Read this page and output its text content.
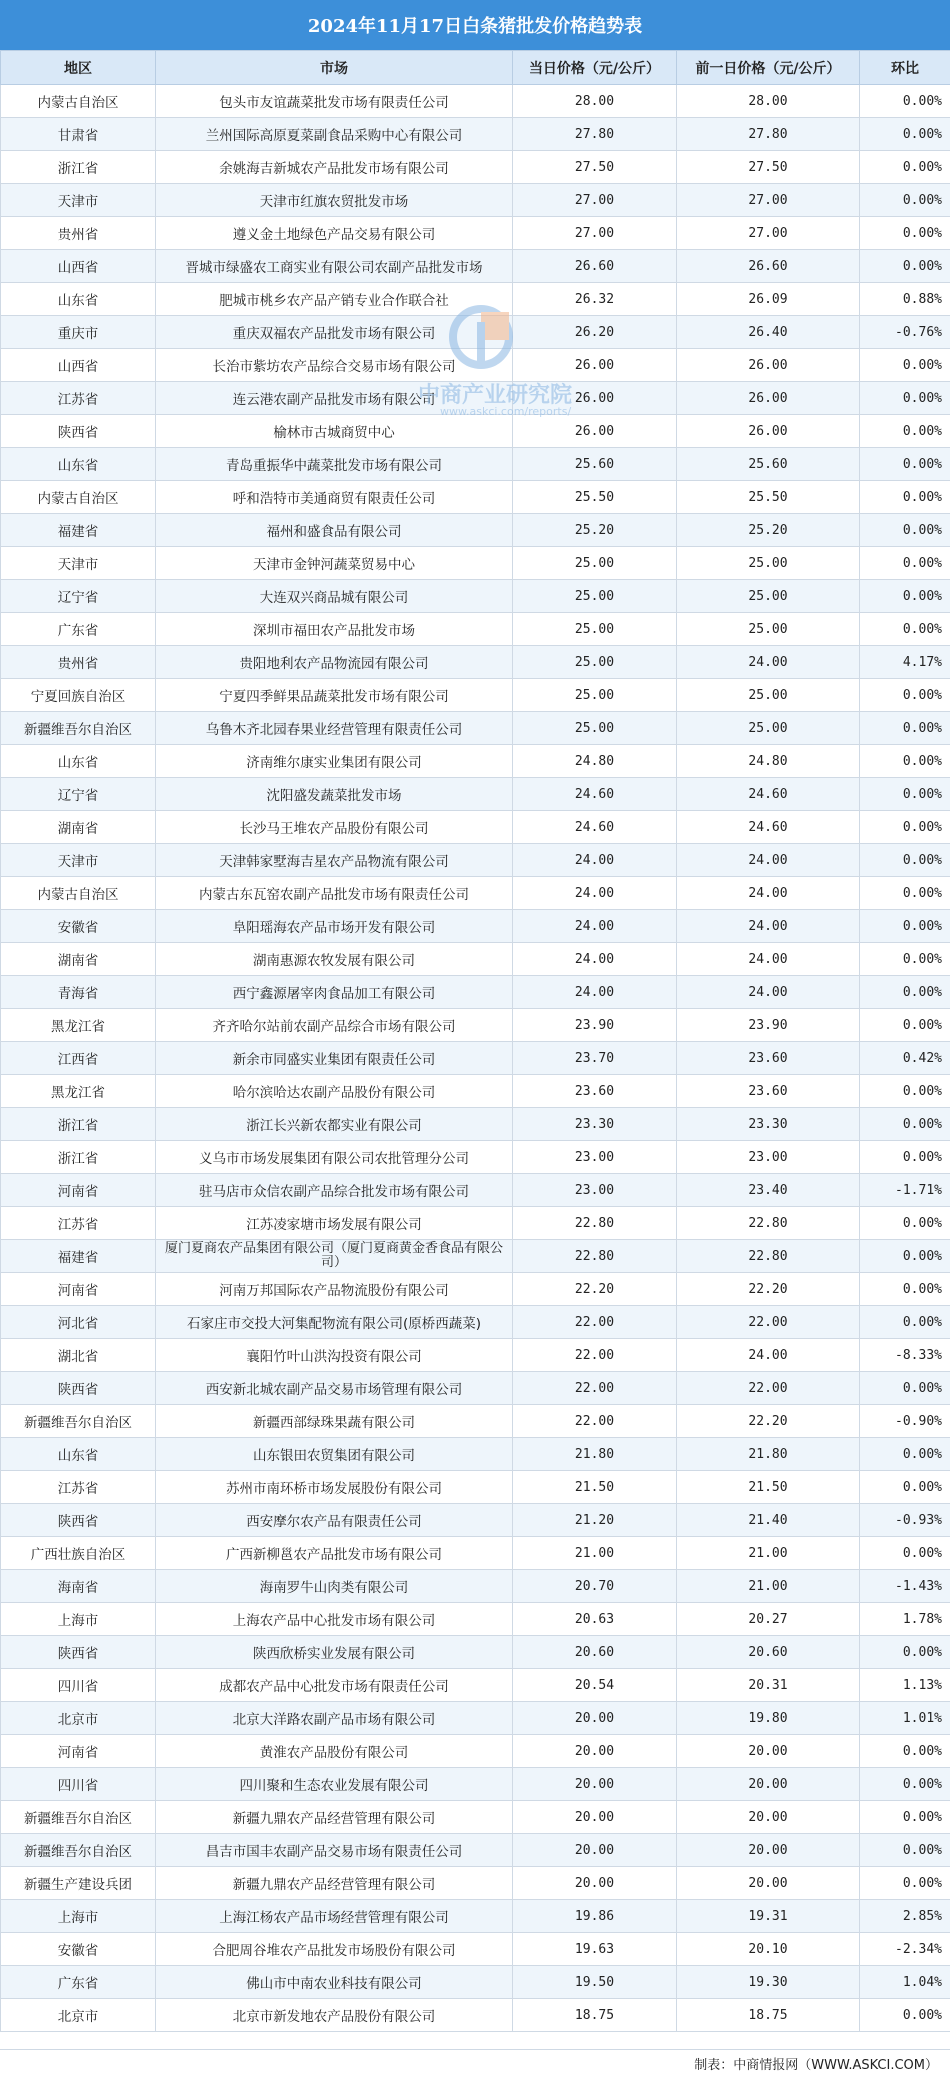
2024年11月17日白条猪批发价格趋势表
地区	市场	当日价格（元/公斤）	前一日价格（元/公斤）	环比
内蒙古自治区	包头市友谊蔬菜批发市场有限责任公司	28.00	28.00	0.00%
甘肃省	兰州国际高原夏菜副食品采购中心有限公司	27.80	27.80	0.00%
浙江省	余姚海吉新城农产品批发市场有限公司	27.50	27.50	0.00%
天津市	天津市红旗农贸批发市场	27.00	27.00	0.00%
贵州省	遵义金土地绿色产品交易有限公司	27.00	27.00	0.00%
山西省	晋城市绿盛农工商实业有限公司农副产品批发市场	26.60	26.60	0.00%
山东省	肥城市桃乡农产品产销专业合作联合社	26.32	26.09	0.88%
重庆市	重庆双福农产品批发市场有限公司	26.20	26.40	-0.76%
山西省	长治市紫坊农产品综合交易市场有限公司	26.00	26.00	0.00%
江苏省	连云港农副产品批发市场有限公司	26.00	26.00	0.00%
陕西省	榆林市古城商贸中心	26.00	26.00	0.00%
山东省	青岛重振华中蔬菜批发市场有限公司	25.60	25.60	0.00%
内蒙古自治区	呼和浩特市美通商贸有限责任公司	25.50	25.50	0.00%
福建省	福州和盛食品有限公司	25.20	25.20	0.00%
天津市	天津市金钟河蔬菜贸易中心	25.00	25.00	0.00%
辽宁省	大连双兴商品城有限公司	25.00	25.00	0.00%
广东省	深圳市福田农产品批发市场	25.00	25.00	0.00%
贵州省	贵阳地利农产品物流园有限公司	25.00	24.00	4.17%
宁夏回族自治区	宁夏四季鲜果品蔬菜批发市场有限公司	25.00	25.00	0.00%
新疆维吾尔自治区	乌鲁木齐北园春果业经营管理有限责任公司	25.00	25.00	0.00%
山东省	济南维尔康实业集团有限公司	24.80	24.80	0.00%
辽宁省	沈阳盛发蔬菜批发市场	24.60	24.60	0.00%
湖南省	长沙马王堆农产品股份有限公司	24.60	24.60	0.00%
天津市	天津韩家墅海吉星农产品物流有限公司	24.00	24.00	0.00%
内蒙古自治区	内蒙古东瓦窑农副产品批发市场有限责任公司	24.00	24.00	0.00%
安徽省	阜阳瑶海农产品市场开发有限公司	24.00	24.00	0.00%
湖南省	湖南惠源农牧发展有限公司	24.00	24.00	0.00%
青海省	西宁鑫源屠宰肉食品加工有限公司	24.00	24.00	0.00%
黑龙江省	齐齐哈尔站前农副产品综合市场有限公司	23.90	23.90	0.00%
江西省	新余市同盛实业集团有限责任公司	23.70	23.60	0.42%
黑龙江省	哈尔滨哈达农副产品股份有限公司	23.60	23.60	0.00%
浙江省	浙江长兴新农都实业有限公司	23.30	23.30	0.00%
浙江省	义乌市市场发展集团有限公司农批管理分公司	23.00	23.00	0.00%
河南省	驻马店市众信农副产品综合批发市场有限公司	23.00	23.40	-1.71%
江苏省	江苏凌家塘市场发展有限公司	22.80	22.80	0.00%
福建省	厦门夏商农产品集团有限公司（厦门夏商黄金香食品有限公司）	22.80	22.80	0.00%
河南省	河南万邦国际农产品物流股份有限公司	22.20	22.20	0.00%
河北省	石家庄市交投大河集配物流有限公司(原桥西蔬菜)	22.00	22.00	0.00%
湖北省	襄阳竹叶山洪沟投资有限公司	22.00	24.00	-8.33%
陕西省	西安新北城农副产品交易市场管理有限公司	22.00	22.00	0.00%
新疆维吾尔自治区	新疆西部绿珠果蔬有限公司	22.00	22.20	-0.90%
山东省	山东银田农贸集团有限公司	21.80	21.80	0.00%
江苏省	苏州市南环桥市场发展股份有限公司	21.50	21.50	0.00%
陕西省	西安摩尔农产品有限责任公司	21.20	21.40	-0.93%
广西壮族自治区	广西新柳邕农产品批发市场有限公司	21.00	21.00	0.00%
海南省	海南罗牛山肉类有限公司	20.70	21.00	-1.43%
上海市	上海农产品中心批发市场有限公司	20.63	20.27	1.78%
陕西省	陕西欣桥实业发展有限公司	20.60	20.60	0.00%
四川省	成都农产品中心批发市场有限责任公司	20.54	20.31	1.13%
北京市	北京大洋路农副产品市场有限公司	20.00	19.80	1.01%
河南省	黄淮农产品股份有限公司	20.00	20.00	0.00%
四川省	四川聚和生态农业发展有限公司	20.00	20.00	0.00%
新疆维吾尔自治区	新疆九鼎农产品经营管理有限公司	20.00	20.00	0.00%
新疆维吾尔自治区	昌吉市国丰农副产品交易市场有限责任公司	20.00	20.00	0.00%
新疆生产建设兵团	新疆九鼎农产品经营管理有限公司	20.00	20.00	0.00%
上海市	上海江杨农产品市场经营管理有限公司	19.86	19.31	2.85%
安徽省	合肥周谷堆农产品批发市场股份有限公司	19.63	20.10	-2.34%
广东省	佛山市中南农业科技有限公司	19.50	19.30	1.04%
北京市	北京市新发地农产品股份有限公司	18.75	18.75	0.00%
中商产业研究院
www.askci.com/reports/
制表：中商情报网（WWW.ASKCI.COM）
